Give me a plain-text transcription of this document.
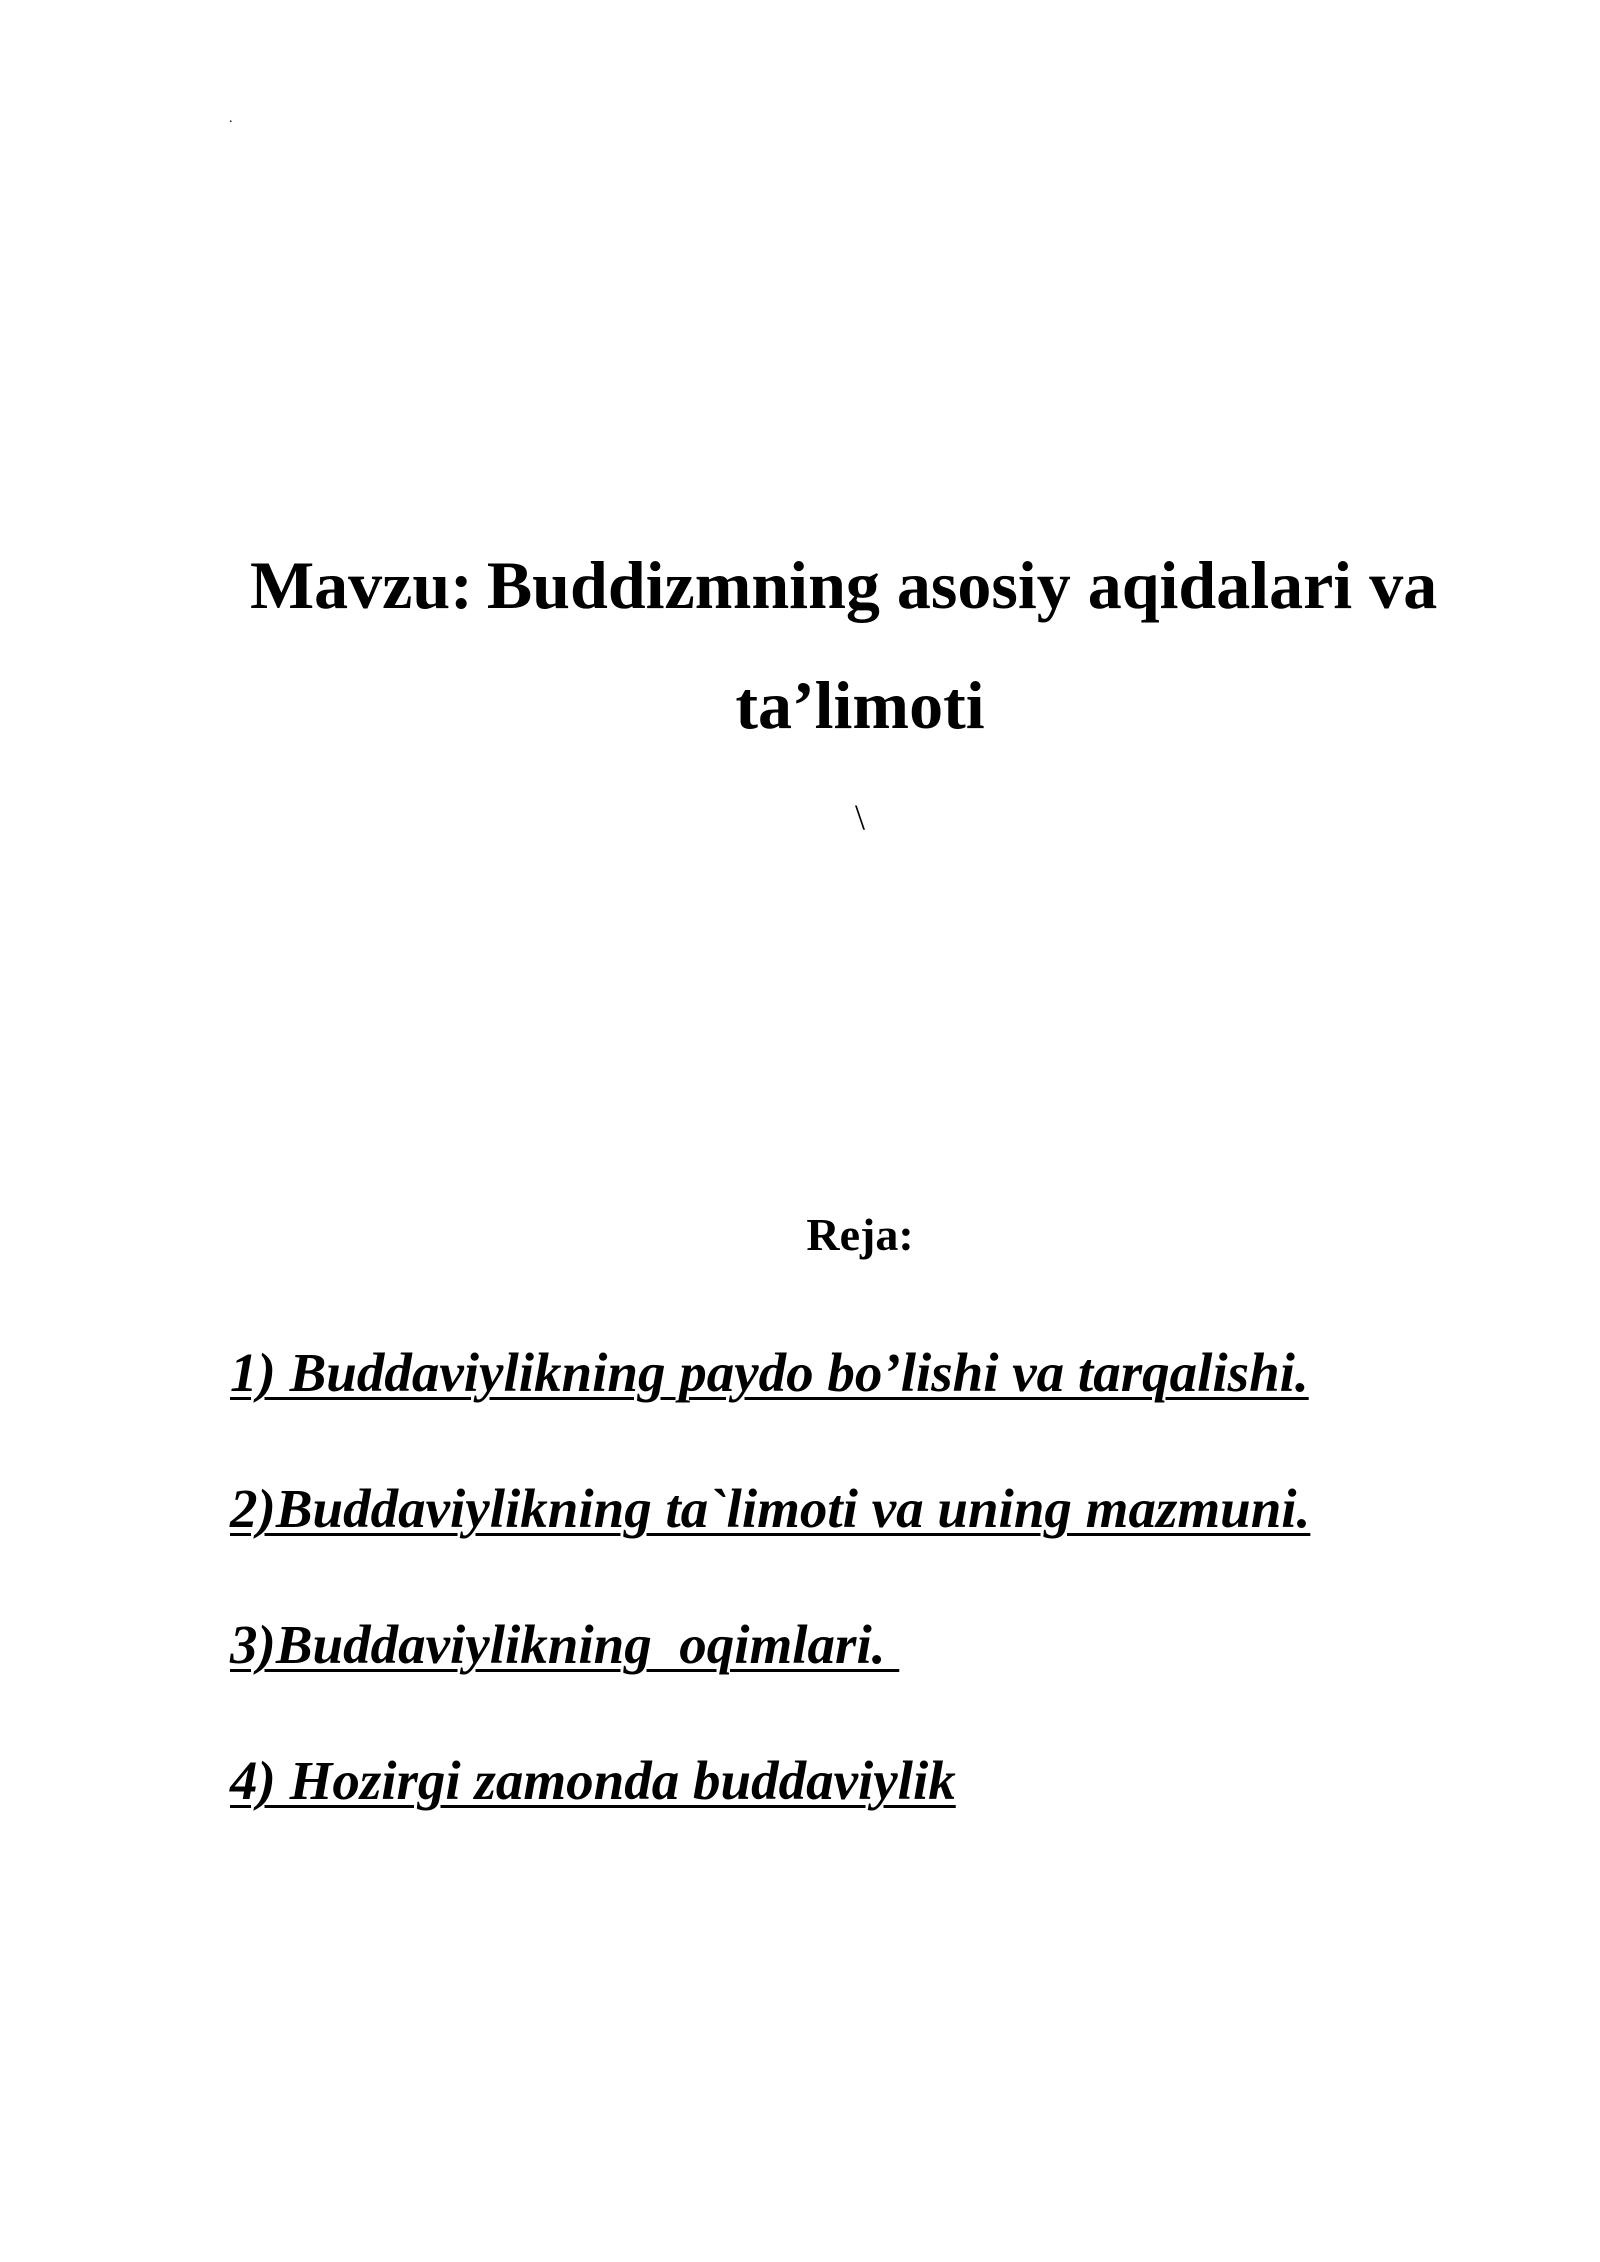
.
Mavzu: Buddizmning asosiy aqidalari va
ta’limoti
\
Reja:
1) Buddaviylikning paydo bo’lishi va tarqalishi.
2)Buddaviylikning ta`limoti va uning mazmuni.
3)Buddaviylikning  oqimlari.
4) Hozirgi zamonda buddaviylik
